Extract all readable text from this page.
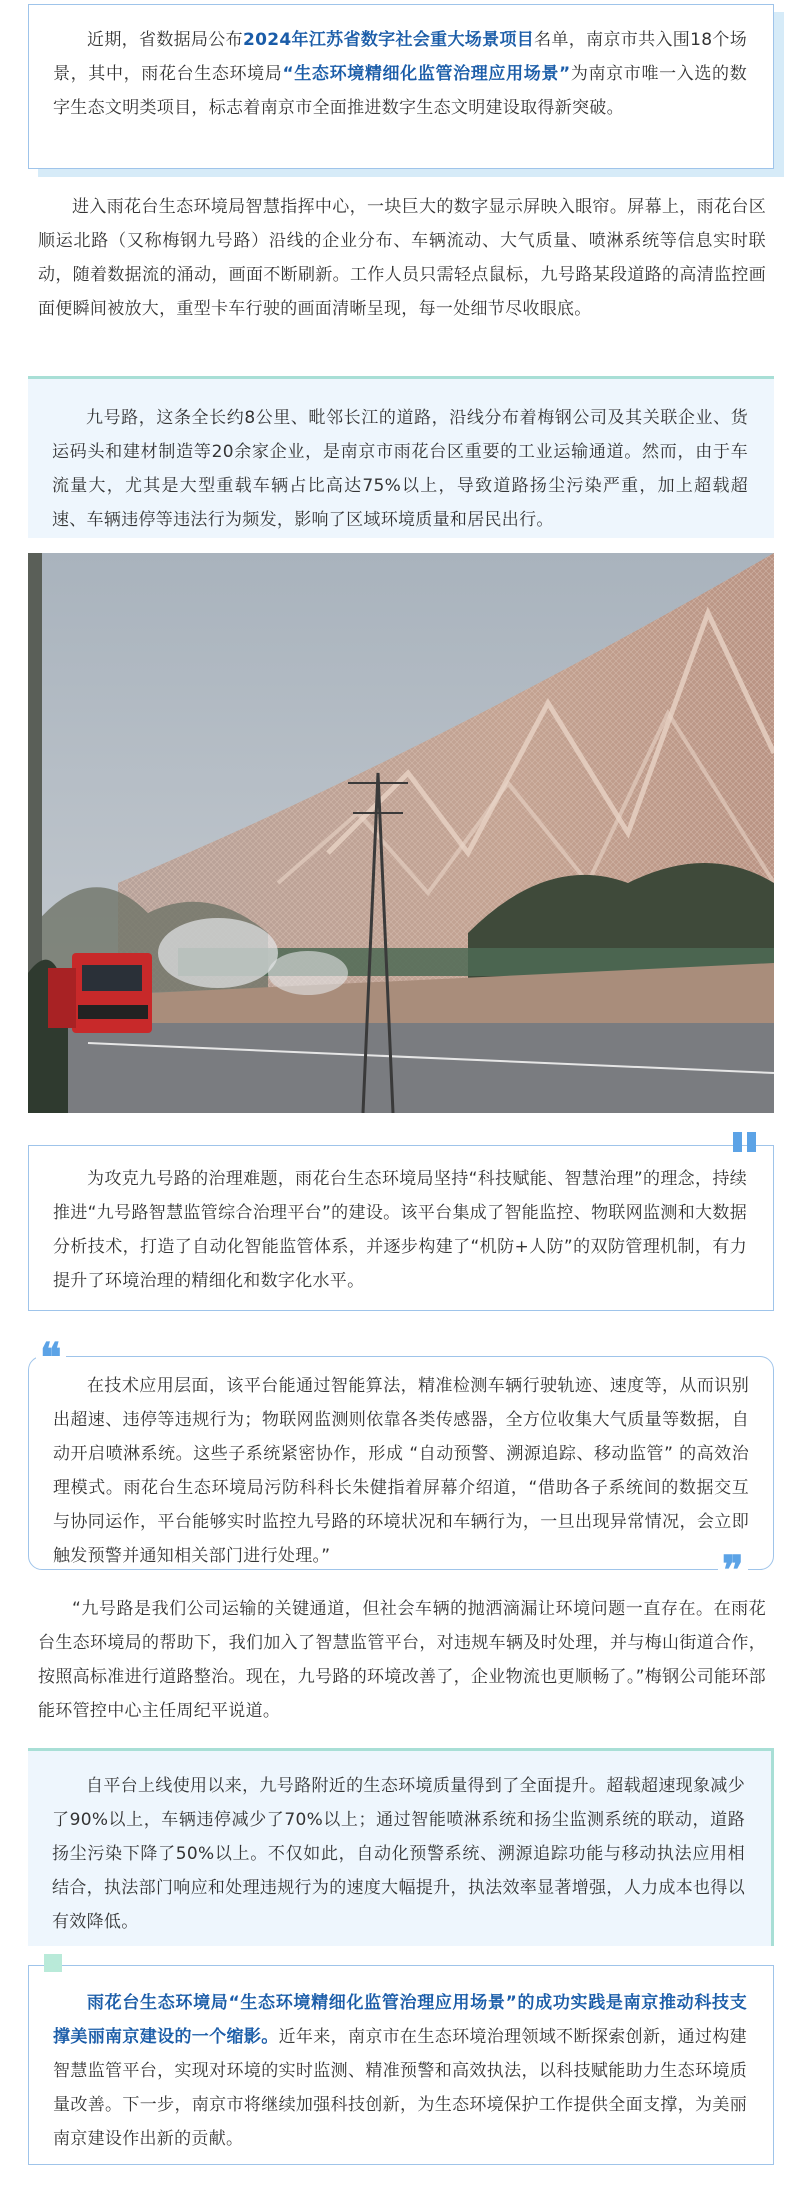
近期，省数据局公布2024年江苏省数字社会重大场景项目名单，南京市共入围18个场景，其中，雨花台生态环境局“生态环境精细化监管治理应用场景”为南京市唯一入选的数字生态文明类项目，标志着南京市全面推进数字生态文明建设取得新突破。

进入雨花台生态环境局智慧指挥中心，一块巨大的数字显示屏映入眼帘。屏幕上，雨花台区顺运北路（又称梅钢九号路）沿线的企业分布、车辆流动、大气质量、喷淋系统等信息实时联动，随着数据流的涌动，画面不断刷新。工作人员只需轻点鼠标，九号路某段道路的高清监控画面便瞬间被放大，重型卡车行驶的画面清晰呈现，每一处细节尽收眼底。

九号路，这条全长约8公里、毗邻长江的道路，沿线分布着梅钢公司及其关联企业、货运码头和建材制造等20余家企业，是南京市雨花台区重要的工业运输通道。然而，由于车流量大，尤其是大型重载车辆占比高达75%以上，导致道路扬尘污染严重，加上超载超速、车辆违停等违法行为频发，影响了区域环境质量和居民出行。

为攻克九号路的治理难题，雨花台生态环境局坚持“科技赋能、智慧治理”的理念，持续推进“九号路智慧监管综合治理平台”的建设。该平台集成了智能监控、物联网监测和大数据分析技术，打造了自动化智能监管体系，并逐步构建了“机防+人防”的双防管理机制，有力提升了环境治理的精细化和数字化水平。

在技术应用层面，该平台能通过智能算法，精准检测车辆行驶轨迹、速度等，从而识别出超速、违停等违规行为；物联网监测则依靠各类传感器，全方位收集大气质量等数据，自动开启喷淋系统。这些子系统紧密协作，形成 “自动预警、溯源追踪、移动监管” 的高效治理模式。雨花台生态环境局污防科科长朱健指着屏幕介绍道，“借助各子系统间的数据交互与协同运作，平台能够实时监控九号路的环境状况和车辆行为，一旦出现异常情况，会立即触发预警并通知相关部门进行处理。”

❝
❞

“九号路是我们公司运输的关键通道，但社会车辆的抛洒滴漏让环境问题一直存在。在雨花台生态环境局的帮助下，我们加入了智慧监管平台，对违规车辆及时处理，并与梅山街道合作，按照高标准进行道路整治。现在，九号路的环境改善了，企业物流也更顺畅了。”梅钢公司能环部能环管控中心主任周纪平说道。

自平台上线使用以来，九号路附近的生态环境质量得到了全面提升。超载超速现象减少了90%以上，车辆违停减少了70%以上；通过智能喷淋系统和扬尘监测系统的联动，道路扬尘污染下降了50%以上。不仅如此，自动化预警系统、溯源追踪功能与移动执法应用相结合，执法部门响应和处理违规行为的速度大幅提升，执法效率显著增强，人力成本也得以有效降低。

雨花台生态环境局“生态环境精细化监管治理应用场景”的成功实践是南京推动科技支撑美丽南京建设的一个缩影。近年来，南京市在生态环境治理领域不断探索创新，通过构建智慧监管平台，实现对环境的实时监测、精准预警和高效执法，以科技赋能助力生态环境质量改善。下一步，南京市将继续加强科技创新，为生态环境保护工作提供全面支撑，为美丽南京建设作出新的贡献。
